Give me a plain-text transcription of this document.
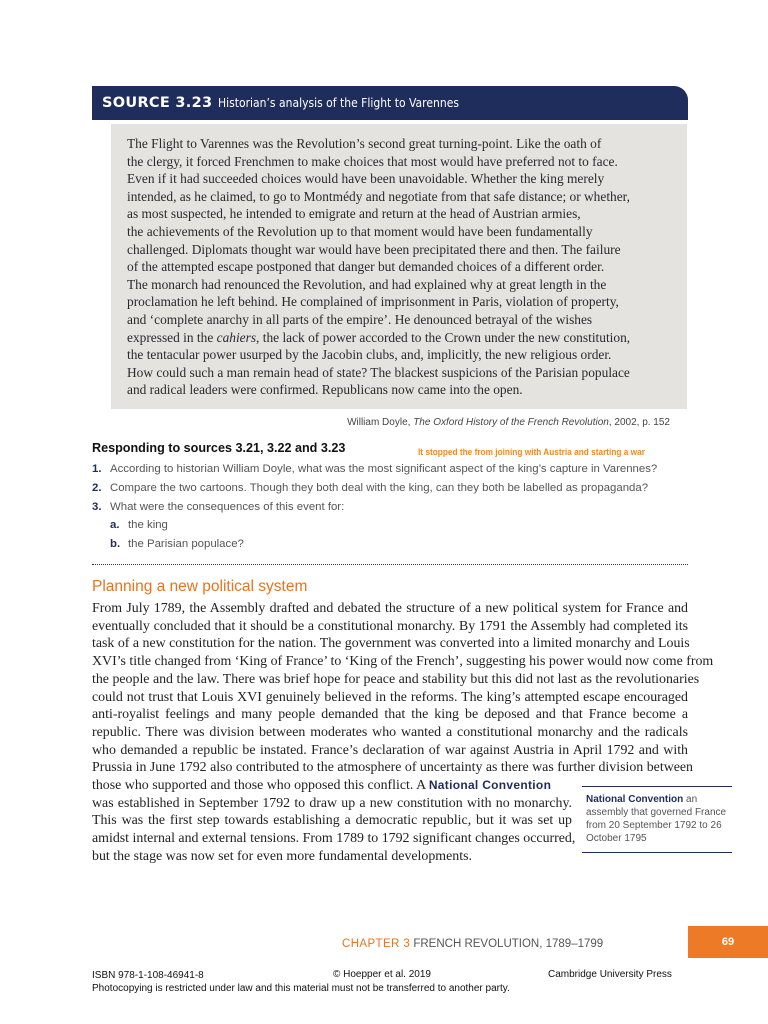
SOURCE 3.23 Historian’s analysis of the Flight to Varennes
The Flight to Varennes was the Revolution’s second great turning-point. Like the oath of
the clergy, it forced Frenchmen to make choices that most would have preferred not to face.
Even if it had succeeded choices would have been unavoidable. Whether the king merely
intended, as he claimed, to go to Montmédy and negotiate from that safe distance; or whether,
as most suspected, he intended to emigrate and return at the head of Austrian armies,
the achievements of the Revolution up to that moment would have been fundamentally
challenged. Diplomats thought war would have been precipitated there and then. The failure
of the attempted escape postponed that danger but demanded choices of a different order.
The monarch had renounced the Revolution, and had explained why at great length in the
proclamation he left behind. He complained of imprisonment in Paris, violation of property,
and ‘complete anarchy in all parts of the empire’. He denounced betrayal of the wishes
expressed in the cahiers, the lack of power accorded to the Crown under the new constitution,
the tentacular power usurped by the Jacobin clubs, and, implicitly, the new religious order.
How could such a man remain head of state? The blackest suspicions of the Parisian populace
and radical leaders were confirmed. Republicans now came into the open.
William Doyle, The Oxford History of the French Revolution, 2002, p. 152
Responding to sources 3.21, 3.22 and 3.23	It stopped the from joining with Austria and starting a war
1. According to historian William Doyle, what was the most significant aspect of the king’s capture in Varennes?
2. Compare the two cartoons. Though they both deal with the king, can they both be labelled as propaganda?
3. What were the consequences of this event for:
a. the king
b. the Parisian populace?
Planning a new political system
From July 1789, the Assembly drafted and debated the structure of a new political system for France and
eventually concluded that it should be a constitutional monarchy. By 1791 the Assembly had completed its
task of a new constitution for the nation. The government was converted into a limited monarchy and Louis
XVI’s title changed from ‘King of France’ to ‘King of the French’, suggesting his power would now come from
the people and the law. There was brief hope for peace and stability but this did not last as the revolutionaries
could not trust that Louis XVI genuinely believed in the reforms. The king’s attempted escape encouraged
anti-royalist feelings and many people demanded that the king be deposed and that France become a
republic. There was division between moderates who wanted a constitutional monarchy and the radicals
who demanded a republic be instated. France’s declaration of war against Austria in April 1792 and with
Prussia in June 1792 also contributed to the atmosphere of uncertainty as there was further division between
those who supported and those who opposed this conflict. A National Convention
was established in September 1792 to draw up a new constitution with no monarchy.
This was the first step towards establishing a democratic republic, but it was set up
amidst internal and external tensions. From 1789 to 1792 significant changes occurred,
but the stage was now set for even more fundamental developments.
National Convention an assembly that governed France from 20 September 1792 to 26 October 1795
CHAPTER 3 FRENCH REVOLUTION, 1789–1799	69
ISBN 978-1-108-46941-8	© Hoepper et al. 2019	Cambridge University Press
Photocopying is restricted under law and this material must not be transferred to another party.
